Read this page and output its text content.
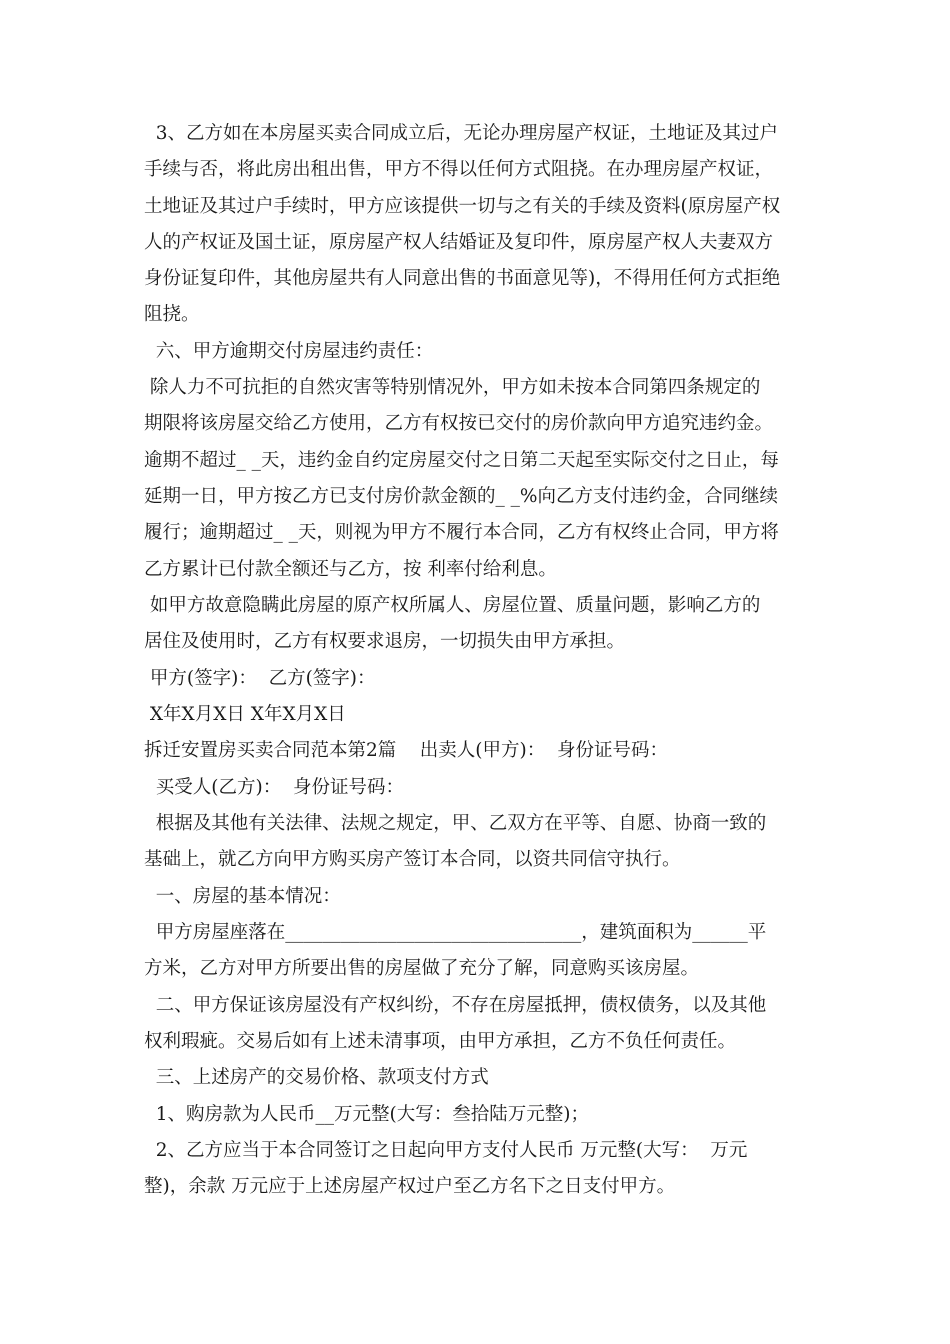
3、乙方如在本房屋买卖合同成立后，无论办理房屋产权证，土地证及其过户
手续与否，将此房出租出售，甲方不得以任何方式阻挠。在办理房屋产权证，
土地证及其过户手续时，甲方应该提供一切与之有关的手续及资料(原房屋产权
人的产权证及国土证，原房屋产权人结婚证及复印件，原房屋产权人夫妻双方
身份证复印件，其他房屋共有人同意出售的书面意见等)，不得用任何方式拒绝
阻挠。
六、甲方逾期交付房屋违约责任：
除人力不可抗拒的自然灾害等特别情况外，甲方如未按本合同第四条规定的
期限将该房屋交给乙方使用，乙方有权按已交付的房价款向甲方追究违约金。
逾期不超过_ _天，违约金自约定房屋交付之日第二天起至实际交付之日止，每
延期一日，甲方按乙方已支付房价款金额的_ _%向乙方支付违约金，合同继续
履行；逾期超过_ _天，则视为甲方不履行本合同，乙方有权终止合同，甲方将
乙方累计已付款全额还与乙方，按 利率付给利息。
如甲方故意隐瞒此房屋的原产权所属人、房屋位置、质量问题，影响乙方的
居住及使用时，乙方有权要求退房，一切损失由甲方承担。
甲方(签字)：  乙方(签字)：
X年X月X日 X年X月X日
拆迁安置房买卖合同范本第2篇    出卖人(甲方)：  身份证号码：
买受人(乙方)：  身份证号码：
根据及其他有关法律、法规之规定，甲、乙双方在平等、自愿、协商一致的
基础上，就乙方向甲方购买房产签订本合同，以资共同信守执行。
一、房屋的基本情况：
甲方房屋座落在________________________________，建筑面积为______平
方米，乙方对甲方所要出售的房屋做了充分了解，同意购买该房屋。
二、甲方保证该房屋没有产权纠纷，不存在房屋抵押，债权债务，以及其他
权利瑕疵。交易后如有上述未清事项，由甲方承担，乙方不负任何责任。
三、上述房产的交易价格、款项支付方式
1、购房款为人民币__万元整(大写：叁拾陆万元整)；
2、乙方应当于本合同签订之日起向甲方支付人民币 万元整(大写：  万元
整)，余款 万元应于上述房屋产权过户至乙方名下之日支付甲方。
